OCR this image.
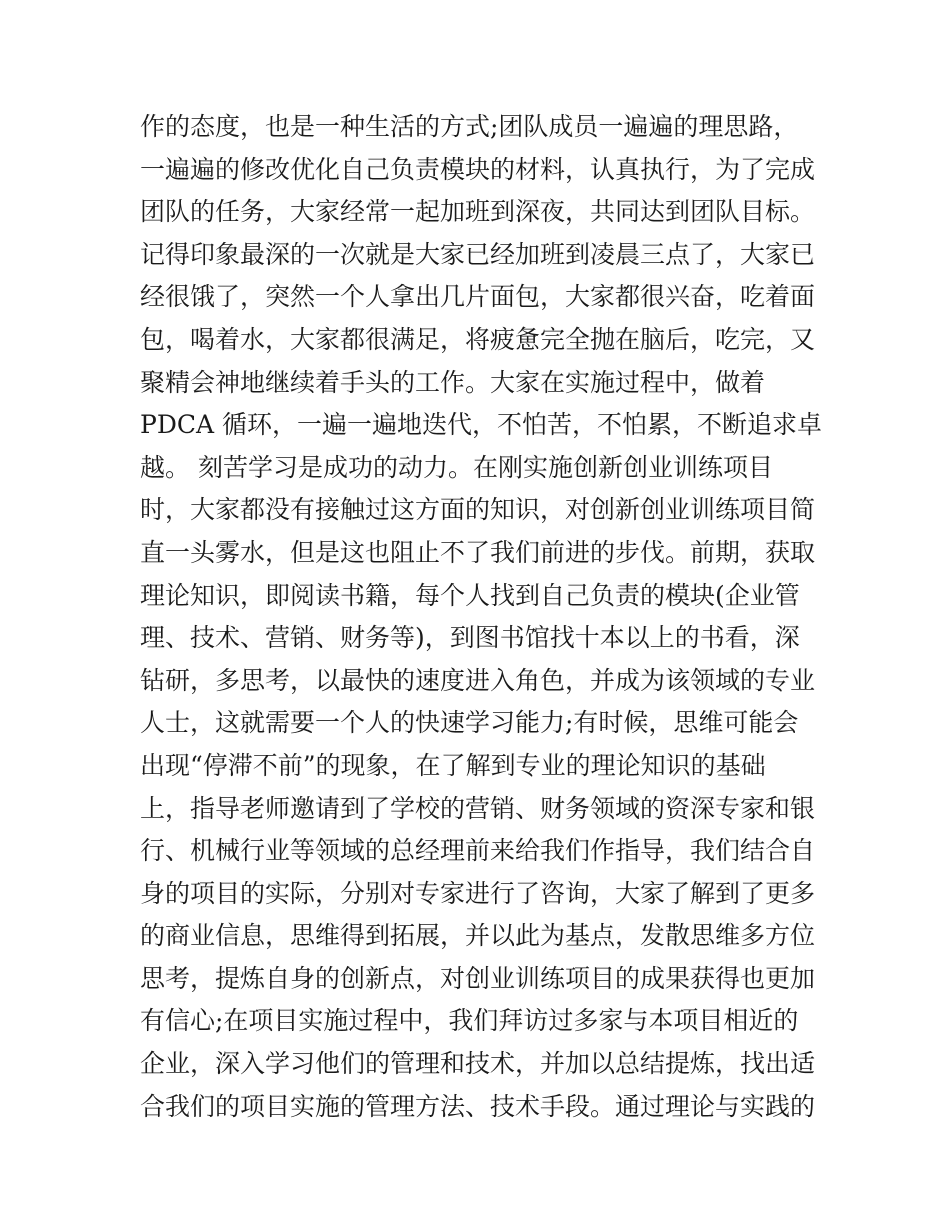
作的态度，也是一种生活的方式;团队成员一遍遍的理思路，
一遍遍的修改优化自己负责模块的材料，认真执行，为了完成
团队的任务，大家经常一起加班到深夜，共同达到团队目标。
记得印象最深的一次就是大家已经加班到凌晨三点了，大家已
经很饿了，突然一个人拿出几片面包，大家都很兴奋，吃着面
包，喝着水，大家都很满足，将疲惫完全抛在脑后，吃完，又
聚精会神地继续着手头的工作。大家在实施过程中，做着
PDCA 循环，一遍一遍地迭代，不怕苦，不怕累，不断追求卓
越。 刻苦学习是成功的动力。在刚实施创新创业训练项目
时，大家都没有接触过这方面的知识，对创新创业训练项目简
直一头雾水，但是这也阻止不了我们前进的步伐。前期，获取
理论知识，即阅读书籍，每个人找到自己负责的模块(企业管
理、技术、营销、财务等)，到图书馆找十本以上的书看，深
钻研，多思考，以最快的速度进入角色，并成为该领域的专业
人士，这就需要一个人的快速学习能力;有时候，思维可能会
出现“停滞不前”的现象，在了解到专业的理论知识的基础
上，指导老师邀请到了学校的营销、财务领域的资深专家和银
行、机械行业等领域的总经理前来给我们作指导，我们结合自
身的项目的实际，分别对专家进行了咨询，大家了解到了更多
的商业信息，思维得到拓展，并以此为基点，发散思维多方位
思考，提炼自身的创新点，对创业训练项目的成果获得也更加
有信心;在项目实施过程中，我们拜访过多家与本项目相近的
企业，深入学习他们的管理和技术，并加以总结提炼，找出适
合我们的项目实施的管理方法、技术手段。通过理论与实践的
